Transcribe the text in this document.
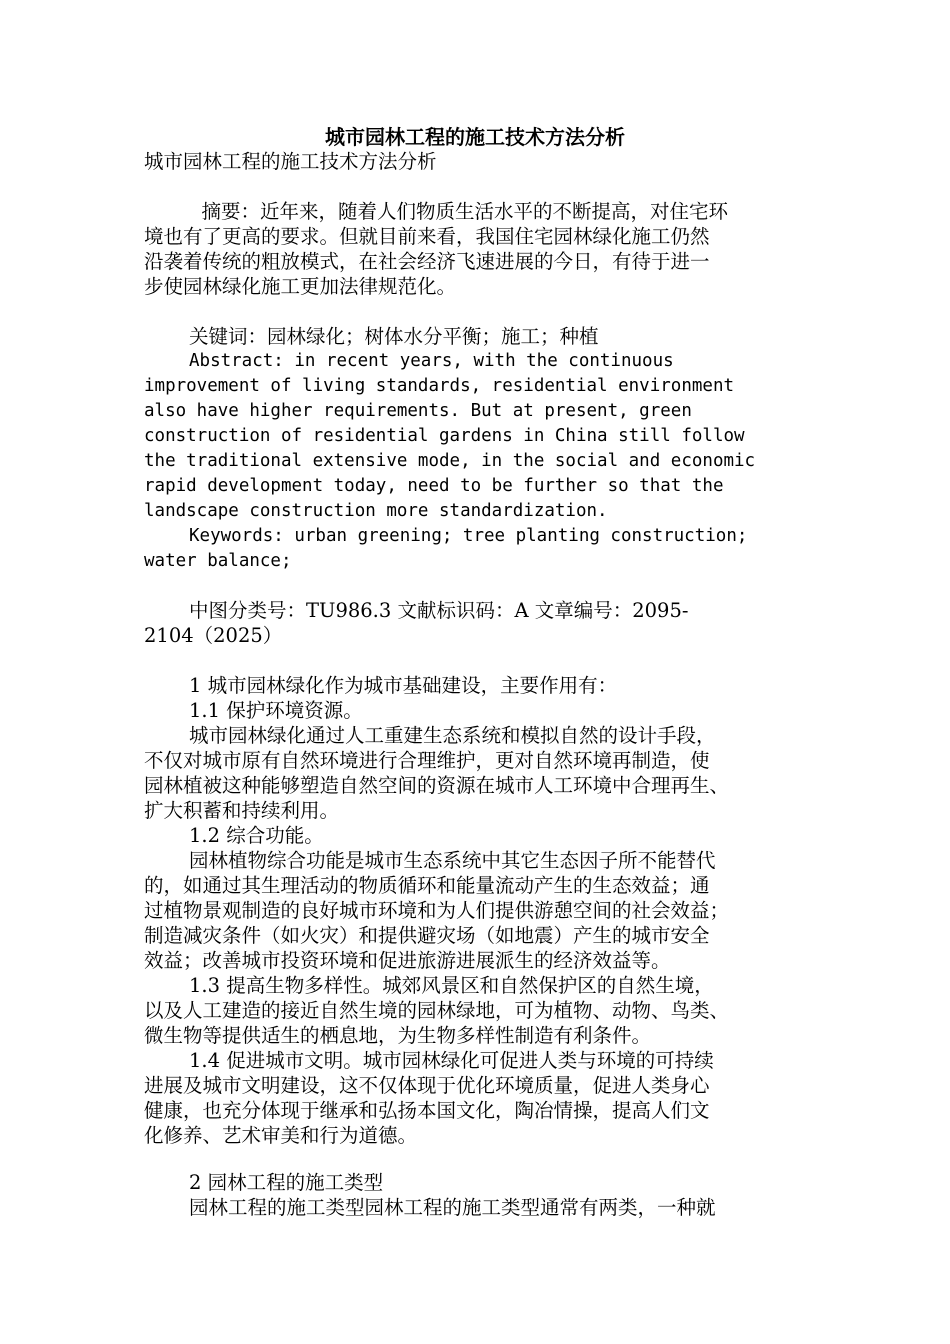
城市园林工程的施工技术方法分析
城市园林工程的施工技术方法分析
　摘要：近年来，随着人们物质生活水平的不断提高，对住宅环
境也有了更高的要求。但就目前来看，我国住宅园林绿化施工仍然
沿袭着传统的粗放模式，在社会经济飞速进展的今日，有待于进一
步使园林绿化施工更加法律规范化。
关键词：园林绿化；树体水分平衡；施工；种植
Abstract: in recent years, with the continuous
improvement of living standards, residential environment
also have higher requirements. But at present, green
construction of residential gardens in China still follow
the traditional extensive mode, in the social and economic
rapid development today, need to be further so that the
landscape construction more standardization.
Keywords: urban greening; tree planting construction;
water balance;
中图分类号：TU986.3 文献标识码：A 文章编号：2095-
2104（2025）
1 城市园林绿化作为城市基础建设，主要作用有：
1.1 保护环境资源。
城市园林绿化通过人工重建生态系统和模拟自然的设计手段，
不仅对城市原有自然环境进行合理维护，更对自然环境再制造，使
园林植被这种能够塑造自然空间的资源在城市人工环境中合理再生、
扩大积蓄和持续利用。
1.2 综合功能。
园林植物综合功能是城市生态系统中其它生态因子所不能替代
的，如通过其生理活动的物质循环和能量流动产生的生态效益；通
过植物景观制造的良好城市环境和为人们提供游憩空间的社会效益；
制造减灾条件（如火灾）和提供避灾场（如地震）产生的城市安全
效益；改善城市投资环境和促进旅游进展派生的经济效益等。
1.3 提高生物多样性。城郊风景区和自然保护区的自然生境，
以及人工建造的接近自然生境的园林绿地，可为植物、动物、鸟类、
微生物等提供适生的栖息地，为生物多样性制造有利条件。
1.4 促进城市文明。城市园林绿化可促进人类与环境的可持续
进展及城市文明建设，这不仅体现于优化环境质量，促进人类身心
健康，也充分体现于继承和弘扬本国文化，陶冶情操，提高人们文
化修养、艺术审美和行为道德。
2 园林工程的施工类型
园林工程的施工类型园林工程的施工类型通常有两类，一种就
